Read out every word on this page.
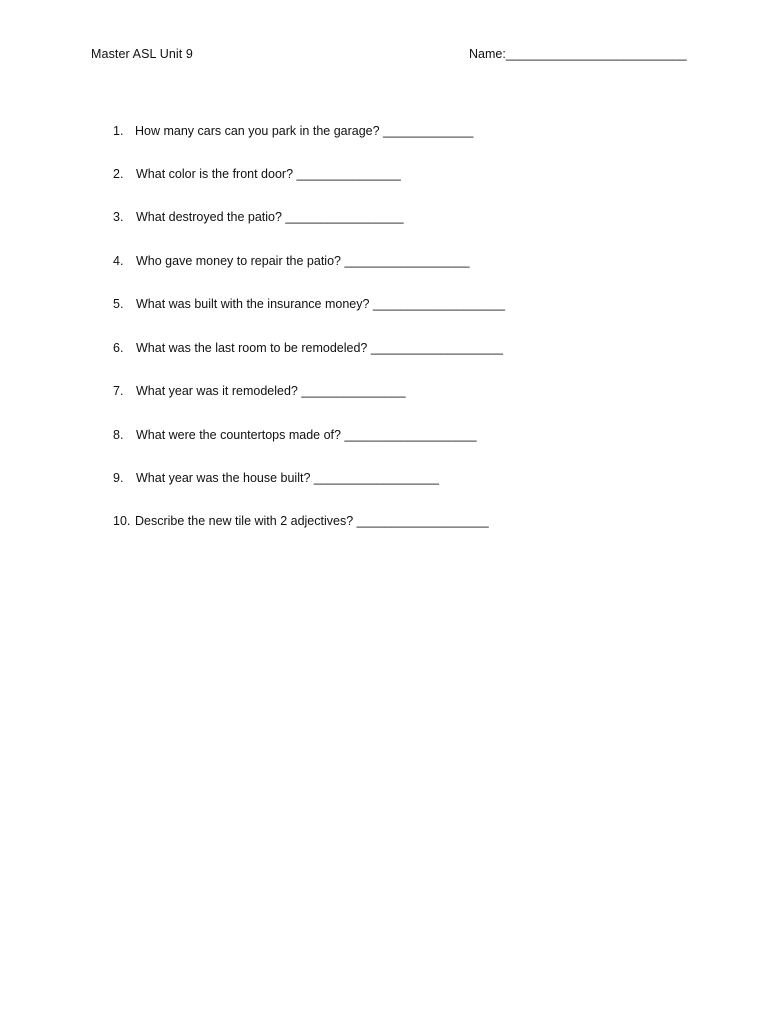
Master ASL Unit 9	Name:__________________________
1. How many cars can you park in the garage? _____________
2. What color is the front door? _______________
3. What destroyed the patio? _________________
4. Who gave money to repair the patio? __________________
5. What was built with the insurance money? ___________________
6. What was the last room to be remodeled? ___________________
7. What year was it remodeled? _______________
8. What were the countertops made of? ___________________
9. What year was the house built? __________________
10. Describe the new tile with 2 adjectives? ___________________
